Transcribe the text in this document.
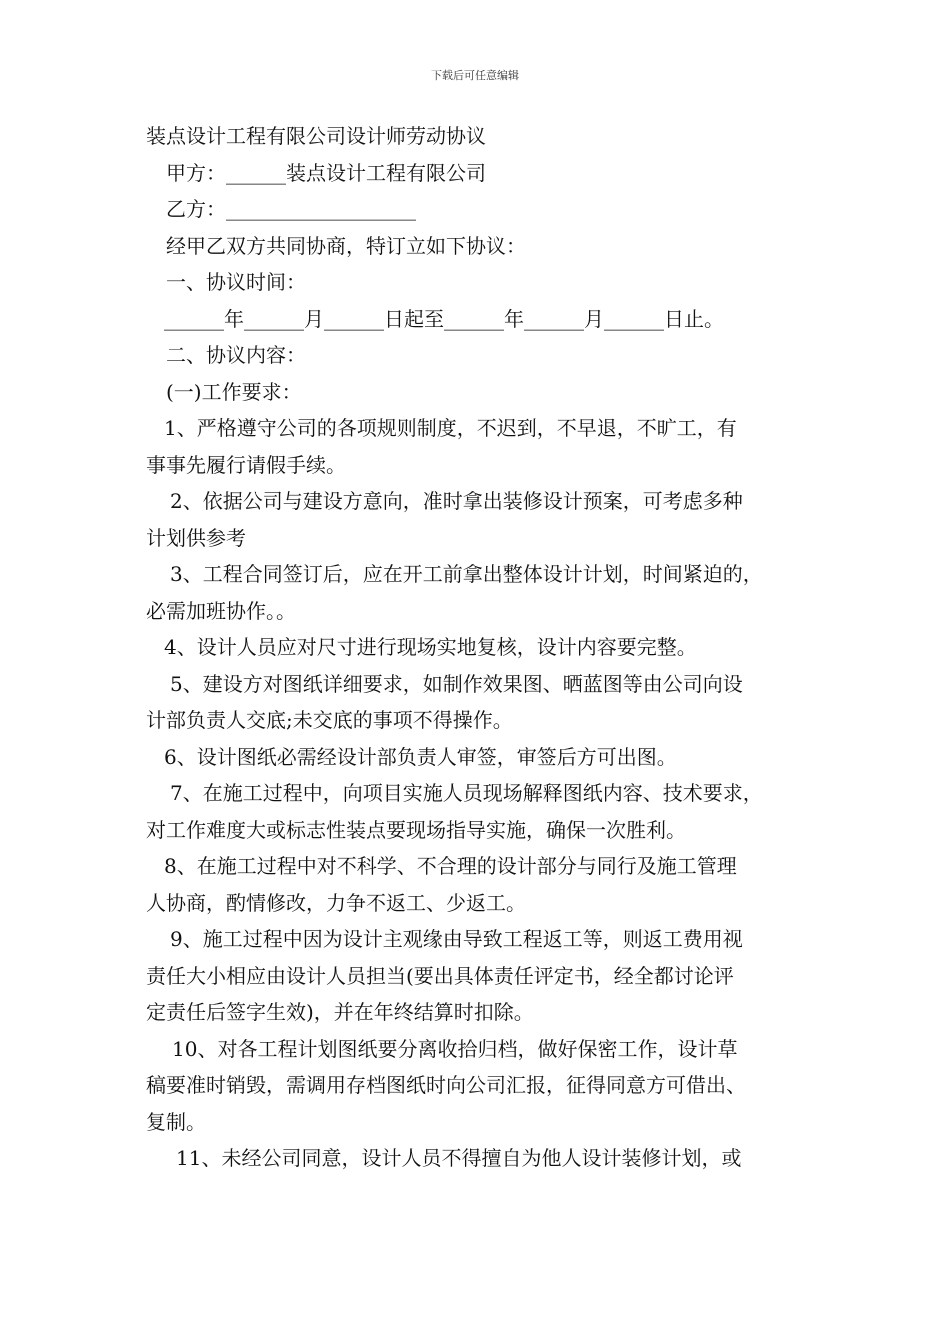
下载后可任意编辑
装点设计工程有限公司设计师劳动协议
甲方：______装点设计工程有限公司
乙方：___________________
经甲乙双方共同协商，特订立如下协议：
一、协议时间：
______年______月______日起至______年______月______日止。
二、协议内容：
(一)工作要求：
1、严格遵守公司的各项规则制度，不迟到，不早退，不旷工，有
事事先履行请假手续。
2、依据公司与建设方意向，准时拿出装修设计预案，可考虑多种
计划供参考
3、工程合同签订后，应在开工前拿出整体设计计划，时间紧迫的，
必需加班协作。。
4、设计人员应对尺寸进行现场实地复核，设计内容要完整。
5、建设方对图纸详细要求，如制作效果图、晒蓝图等由公司向设
计部负责人交底;未交底的事项不得操作。
6、设计图纸必需经设计部负责人审签，审签后方可出图。
7、在施工过程中，向项目实施人员现场解释图纸内容、技术要求，
对工作难度大或标志性装点要现场指导实施，确保一次胜利。
8、在施工过程中对不科学、不合理的设计部分与同行及施工管理
人协商，酌情修改，力争不返工、少返工。
9、施工过程中因为设计主观缘由导致工程返工等，则返工费用视
责任大小相应由设计人员担当(要出具体责任评定书，经全都讨论评
定责任后签字生效)，并在年终结算时扣除。
10、对各工程计划图纸要分离收拾归档，做好保密工作，设计草
稿要准时销毁，需调用存档图纸时向公司汇报，征得同意方可借出、
复制。
11、未经公司同意，设计人员不得擅自为他人设计装修计划，或
